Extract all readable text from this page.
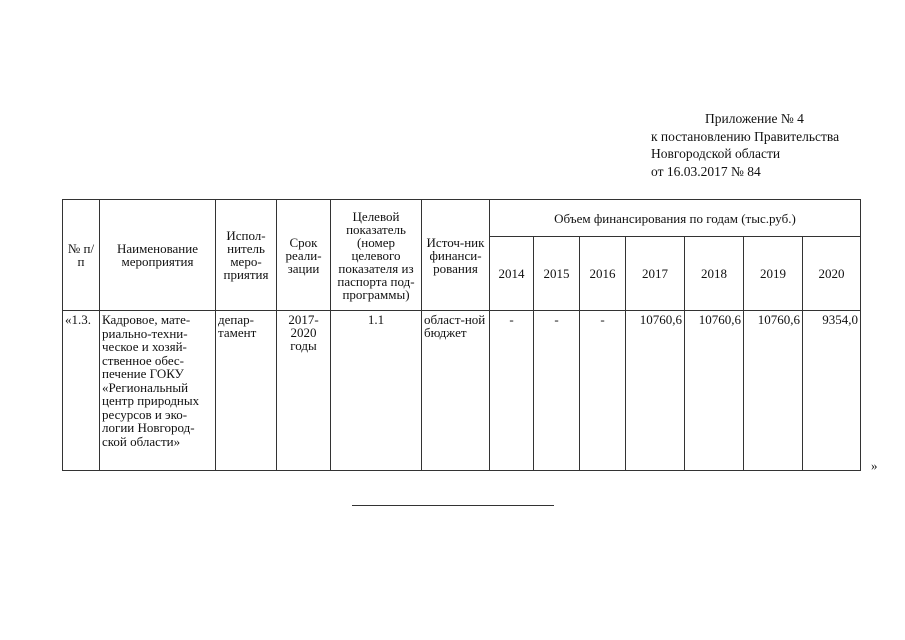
Приложение № 4
к постановлению Правительства
Новгородской области
от 16.03.2017 № 84
№ п/п	Наименование мероприятия	Испол-нитель меро-приятия	Срок реали-зации	Целевой показатель (номер целевого показателя из паспорта под-программы)	Источ-ник финанси-рования	Объем финансирования по годам (тыс.руб.)						
						2014	2015	2016	2017	2018	2019	2020
«1.3.	Кадровое, мате-риально-техни-ческое и хозяй-ственное обес-печение ГОКУ «Региональный центр природных ресурсов и эко-логии Новгород-ской области»	депар-тамент	2017-2020 годы	1.1	област-ной бюджет	-	-	-	10760,6	10760,6	10760,6	9354,0
»
